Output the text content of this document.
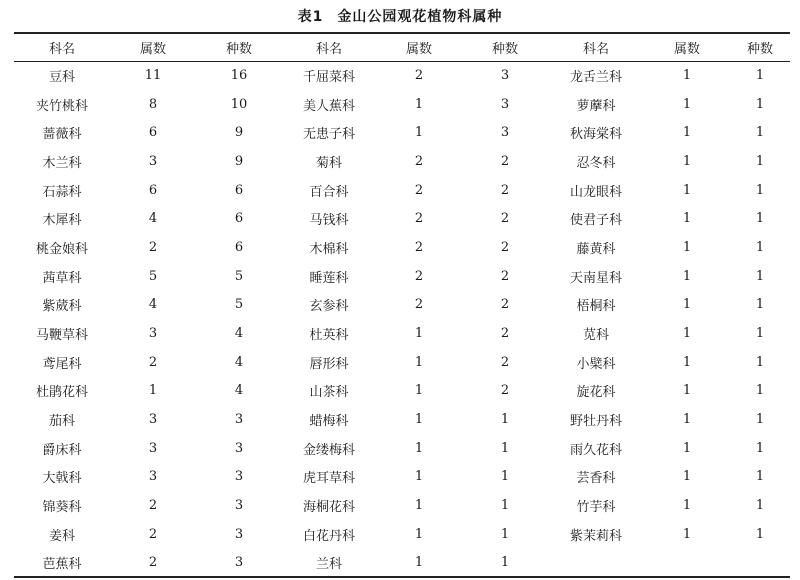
表1 金山公园观花植物科属种
科名	属数	种数	科名	属数	种数	科名	属数	种数
豆科	11	16	千屈菜科	2	3	龙舌兰科	1	1
夹竹桃科	8	10	美人蕉科	1	3	萝藦科	1	1
蔷薇科	6	9	无患子科	1	3	秋海棠科	1	1
木兰科	3	9	菊科	2	2	忍冬科	1	1
石蒜科	6	6	百合科	2	2	山龙眼科	1	1
木犀科	4	6	马钱科	2	2	使君子科	1	1
桃金娘科	2	6	木棉科	2	2	藤黄科	1	1
茜草科	5	5	睡莲科	2	2	天南星科	1	1
紫葳科	4	5	玄参科	2	2	梧桐科	1	1
马鞭草科	3	4	杜英科	1	2	苋科	1	1
鸢尾科	2	4	唇形科	1	2	小檗科	1	1
杜鹃花科	1	4	山茶科	1	2	旋花科	1	1
茄科	3	3	蜡梅科	1	1	野牡丹科	1	1
爵床科	3	3	金缕梅科	1	1	雨久花科	1	1
大戟科	3	3	虎耳草科	1	1	芸香科	1	1
锦葵科	2	3	海桐花科	1	1	竹芋科	1	1
姜科	2	3	白花丹科	1	1	紫茉莉科	1	1
芭蕉科	2	3	兰科	1	1			
